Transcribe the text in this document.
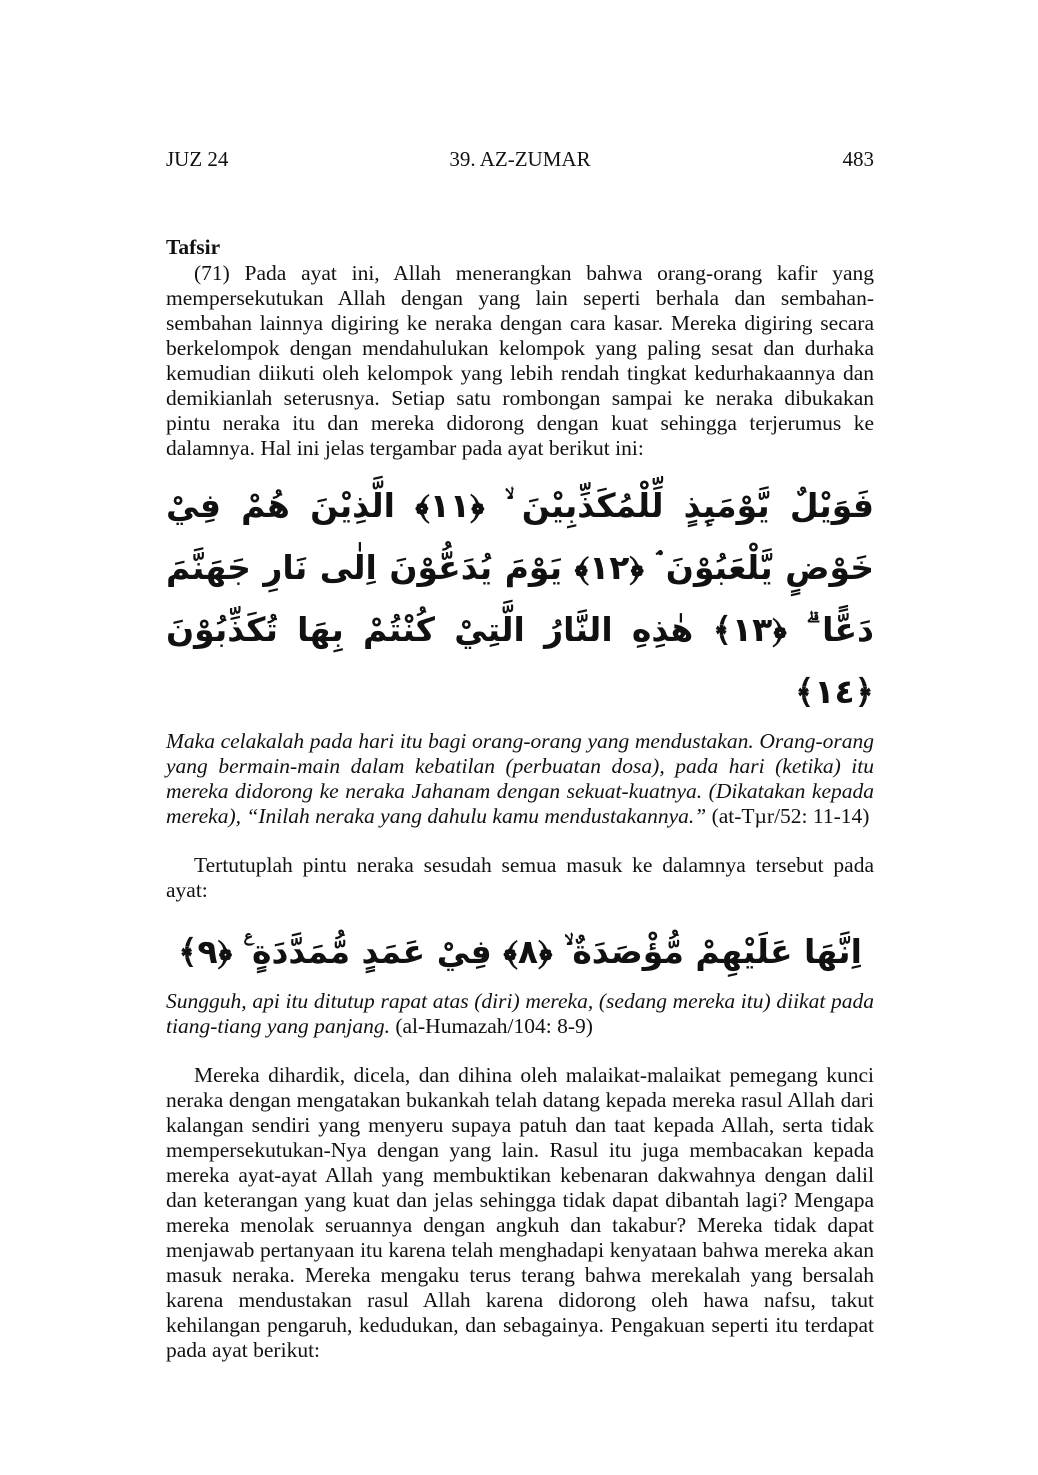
JUZ 24	39. AZ-ZUMAR	483
Tafsir

(71) Pada ayat ini, Allah menerangkan bahwa orang-orang kafir yang mempersekutukan Allah dengan yang lain seperti berhala dan sembahan-sembahan lainnya digiring ke neraka dengan cara kasar. Mereka digiring secara berkelompok dengan mendahulukan kelompok yang paling sesat dan durhaka kemudian diikuti oleh kelompok yang lebih rendah tingkat kedurhakaannya dan demikianlah seterusnya. Setiap satu rombongan sampai ke neraka dibukakan pintu neraka itu dan mereka didorong dengan kuat sehingga terjerumus ke dalamnya. Hal ini jelas tergambar pada ayat berikut ini:

فَوَيْلٌ يَّوْمَىِٕذٍ لِّلْمُكَذِّبِيْنَ ۙ ﴿١١﴾ الَّذِيْنَ هُمْ فِيْ خَوْضٍ يَّلْعَبُوْنَ ۘ ﴿١٢﴾ يَوْمَ يُدَعُّوْنَ اِلٰى نَارِ جَهَنَّمَ دَعًّا ۗ ﴿١٣﴾ هٰذِهِ النَّارُ الَّتِيْ كُنْتُمْ بِهَا تُكَذِّبُوْنَ ﴿١٤﴾

Maka celakalah pada hari itu bagi orang-orang yang mendustakan. Orang-orang yang bermain-main dalam kebatilan (perbuatan dosa), pada hari (ketika) itu mereka didorong ke neraka Jahanam dengan sekuat-kuatnya. (Dikatakan kepada mereka), “Inilah neraka yang dahulu kamu mendustakannya.” (at-Tµr/52: 11-14)

Tertutuplah pintu neraka sesudah semua masuk ke dalamnya tersebut pada ayat:

اِنَّهَا عَلَيْهِمْ مُّؤْصَدَةٌ ۙ ﴿٨﴾ فِيْ عَمَدٍ مُّمَدَّدَةٍ ࣖ ﴿٩﴾

Sungguh, api itu ditutup rapat atas (diri) mereka, (sedang mereka itu) diikat pada tiang-tiang yang panjang. (al-Humazah/104: 8-9)

Mereka dihardik, dicela, dan dihina oleh malaikat-malaikat pemegang kunci neraka dengan mengatakan bukankah telah datang kepada mereka rasul Allah dari kalangan sendiri yang menyeru supaya patuh dan taat kepada Allah, serta tidak mempersekutukan-Nya dengan yang lain. Rasul itu juga membacakan kepada mereka ayat-ayat Allah yang membuktikan kebenaran dakwahnya dengan dalil dan keterangan yang kuat dan jelas sehingga tidak dapat dibantah lagi? Mengapa mereka menolak seruannya dengan angkuh dan takabur? Mereka tidak dapat menjawab pertanyaan itu karena telah menghadapi kenyataan bahwa mereka akan masuk neraka. Mereka mengaku terus terang bahwa merekalah yang bersalah karena mendustakan rasul Allah karena didorong oleh hawa nafsu, takut kehilangan pengaruh, kedudukan, dan sebagainya. Pengakuan seperti itu terdapat pada ayat berikut:
